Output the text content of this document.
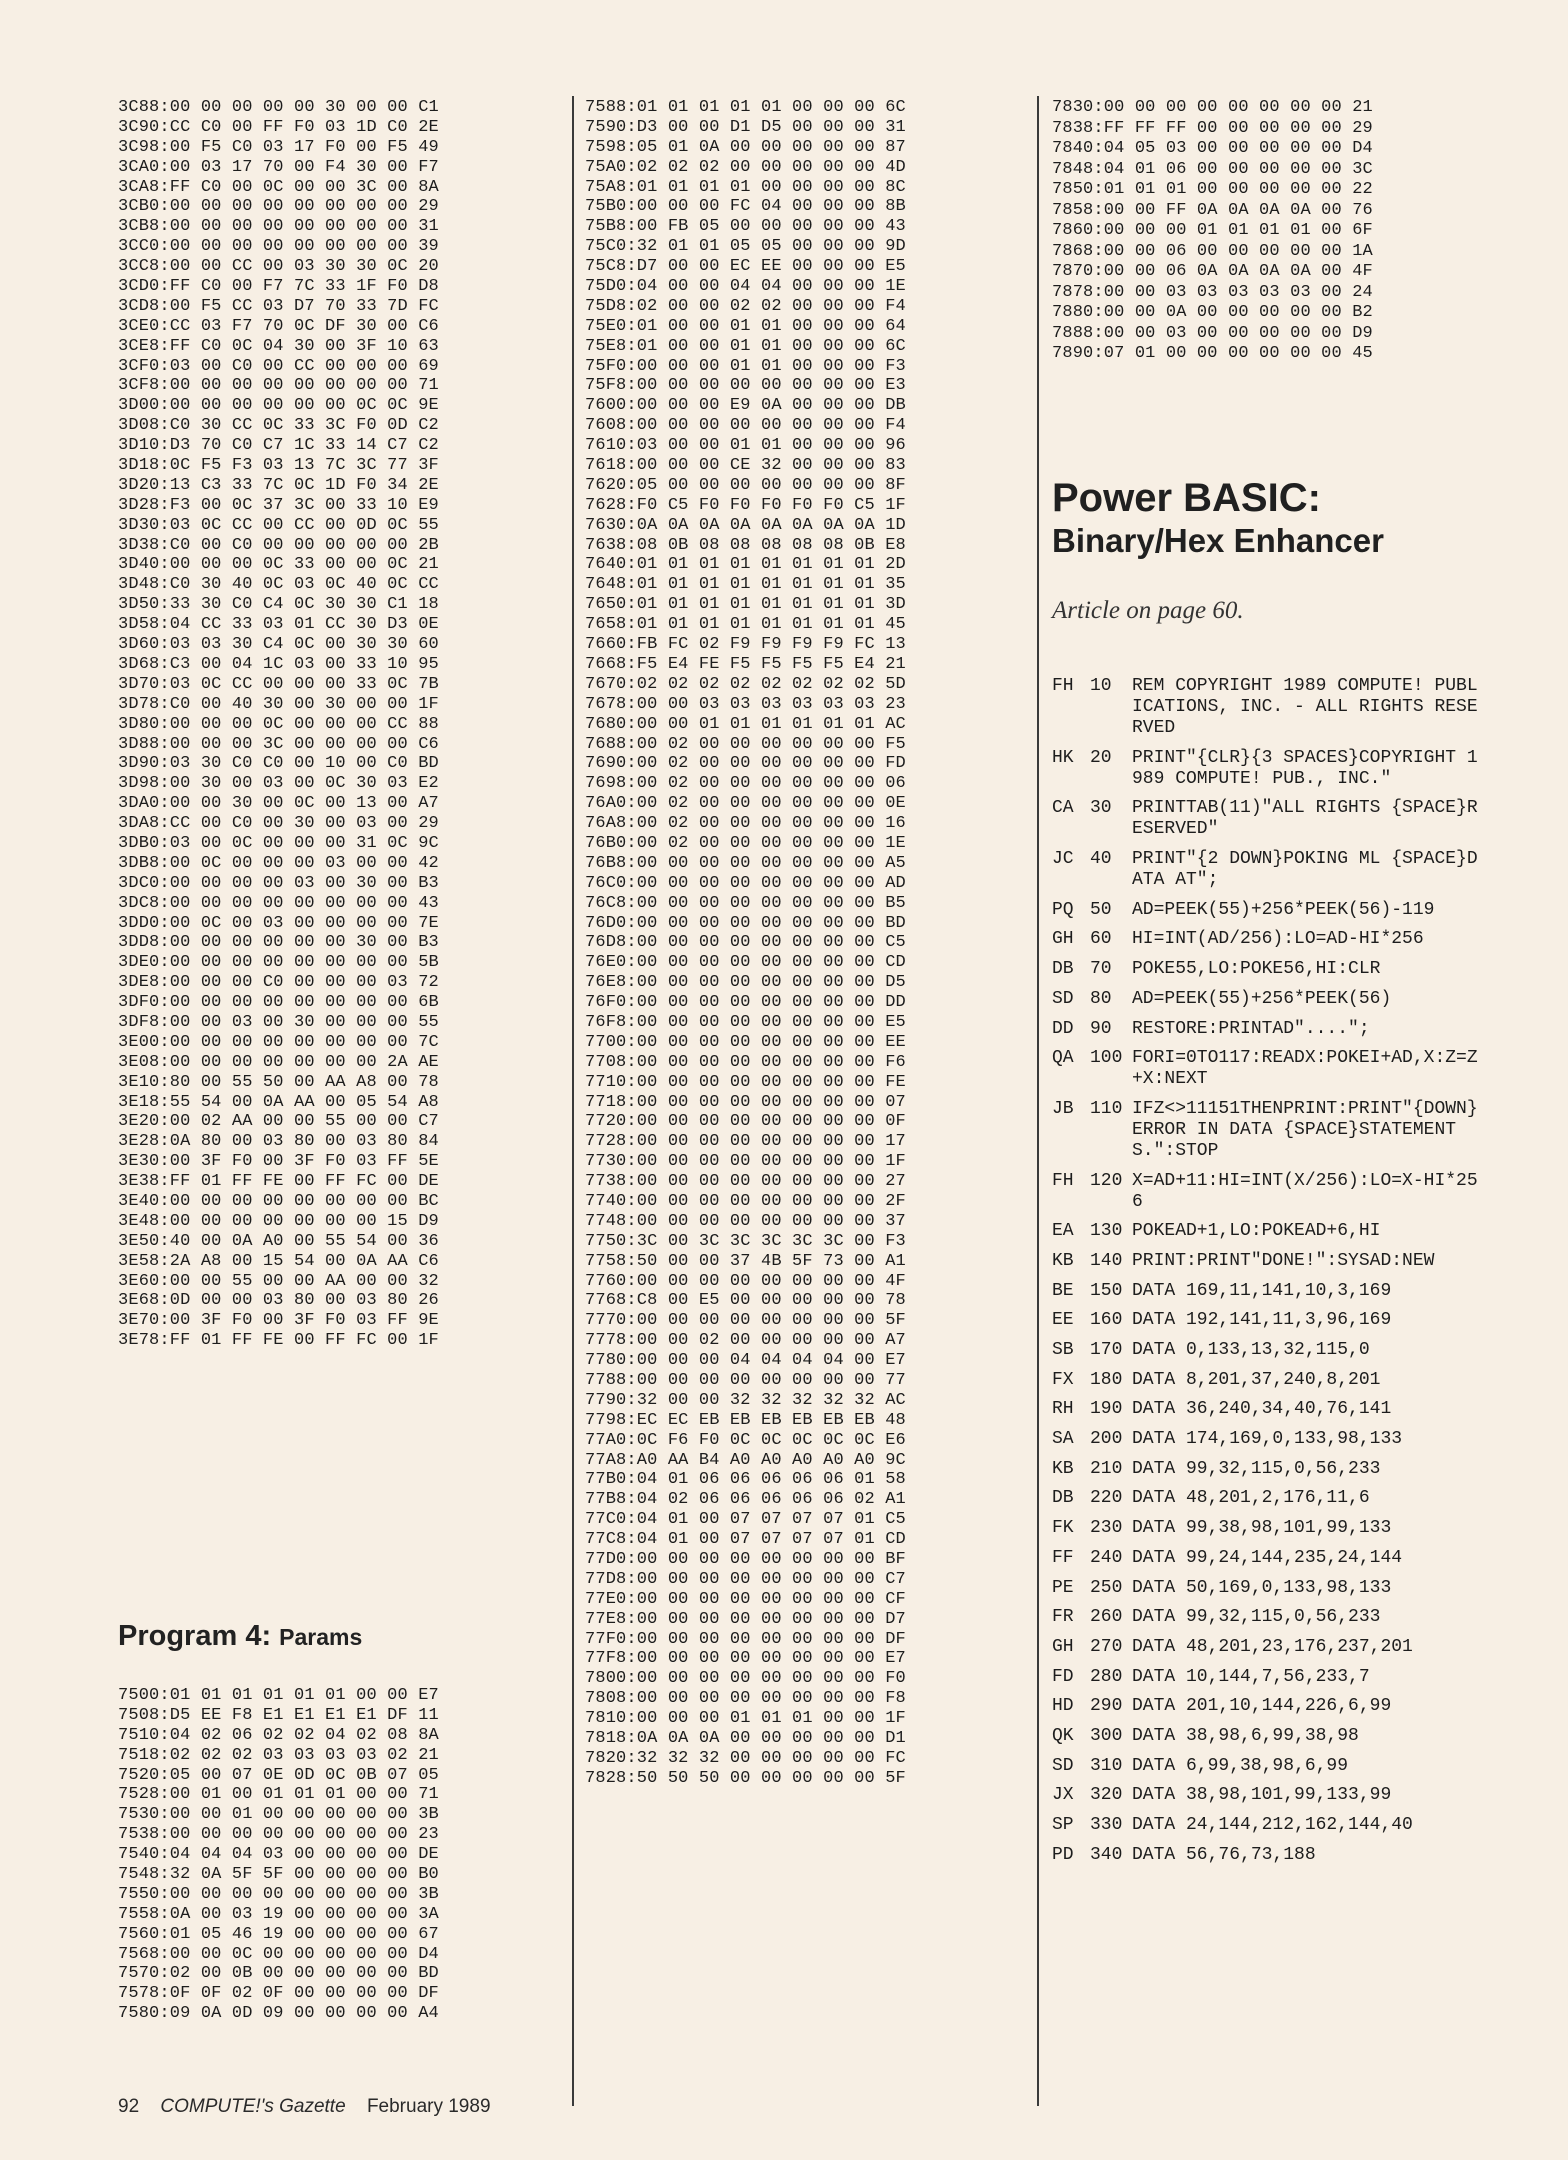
3C88:00 00 00 00 00 30 00 00 C1
3C90:CC C0 00 FF F0 03 1D C0 2E
3C98:00 F5 C0 03 17 F0 00 F5 49
3CA0:00 03 17 70 00 F4 30 00 F7
3CA8:FF C0 00 0C 00 00 3C 00 8A
3CB0:00 00 00 00 00 00 00 00 29
3CB8:00 00 00 00 00 00 00 00 31
3CC0:00 00 00 00 00 00 00 00 39
3CC8:00 00 CC 00 03 30 30 0C 20
3CD0:FF C0 00 F7 7C 33 1F F0 D8
3CD8:00 F5 CC 03 D7 70 33 7D FC
3CE0:CC 03 F7 70 0C DF 30 00 C6
3CE8:FF C0 0C 04 30 00 3F 10 63
3CF0:03 00 C0 00 CC 00 00 00 69
3CF8:00 00 00 00 00 00 00 00 71
3D00:00 00 00 00 00 00 0C 0C 9E
3D08:C0 30 CC 0C 33 3C F0 0D C2
3D10:D3 70 C0 C7 1C 33 14 C7 C2
3D18:0C F5 F3 03 13 7C 3C 77 3F
3D20:13 C3 33 7C 0C 1D F0 34 2E
3D28:F3 00 0C 37 3C 00 33 10 E9
3D30:03 0C CC 00 CC 00 0D 0C 55
3D38:C0 00 C0 00 00 00 00 00 2B
3D40:00 00 00 0C 33 00 00 0C 21
3D48:C0 30 40 0C 03 0C 40 0C CC
3D50:33 30 C0 C4 0C 30 30 C1 18
3D58:04 CC 33 03 01 CC 30 D3 0E
3D60:03 03 30 C4 0C 00 30 30 60
3D68:C3 00 04 1C 03 00 33 10 95
3D70:03 0C CC 00 00 00 33 0C 7B
3D78:C0 00 40 30 00 30 00 00 1F
3D80:00 00 00 0C 00 00 00 CC 88
3D88:00 00 00 3C 00 00 00 00 C6
3D90:03 30 C0 C0 00 10 00 C0 BD
3D98:00 30 00 03 00 0C 30 03 E2
3DA0:00 00 30 00 0C 00 13 00 A7
3DA8:CC 00 C0 00 30 00 03 00 29
3DB0:03 00 0C 00 00 00 31 0C 9C
3DB8:00 0C 00 00 00 03 00 00 42
3DC0:00 00 00 00 03 00 30 00 B3
3DC8:00 00 00 00 00 00 00 00 43
3DD0:00 0C 00 03 00 00 00 00 7E
3DD8:00 00 00 00 00 00 30 00 B3
3DE0:00 00 00 00 00 00 00 00 5B
3DE8:00 00 00 C0 00 00 00 03 72
3DF0:00 00 00 00 00 00 00 00 6B
3DF8:00 00 03 00 30 00 00 00 55
3E00:00 00 00 00 00 00 00 00 7C
3E08:00 00 00 00 00 00 00 2A AE
3E10:80 00 55 50 00 AA A8 00 78
3E18:55 54 00 0A AA 00 05 54 A8
3E20:00 02 AA 00 00 55 00 00 C7
3E28:0A 80 00 03 80 00 03 80 84
3E30:00 3F F0 00 3F F0 03 FF 5E
3E38:FF 01 FF FE 00 FF FC 00 DE
3E40:00 00 00 00 00 00 00 00 BC
3E48:00 00 00 00 00 00 00 15 D9
3E50:40 00 0A A0 00 55 54 00 36
3E58:2A A8 00 15 54 00 0A AA C6
3E60:00 00 55 00 00 AA 00 00 32
3E68:0D 00 00 03 80 00 03 80 26
3E70:00 3F F0 00 3F F0 03 FF 9E
3E78:FF 01 FF FE 00 FF FC 00 1F
Program 4: Params
7500:01 01 01 01 01 01 00 00 E7
7508:D5 EE F8 E1 E1 E1 E1 DF 11
7510:04 02 06 02 02 04 02 08 8A
7518:02 02 02 03 03 03 03 02 21
7520:05 00 07 0E 0D 0C 0B 07 05
7528:00 01 00 01 01 01 00 00 71
7530:00 00 01 00 00 00 00 00 3B
7538:00 00 00 00 00 00 00 00 23
7540:04 04 04 03 00 00 00 00 DE
7548:32 0A 5F 5F 00 00 00 00 B0
7550:00 00 00 00 00 00 00 00 3B
7558:0A 00 03 19 00 00 00 00 3A
7560:01 05 46 19 00 00 00 00 67
7568:00 00 0C 00 00 00 00 00 D4
7570:02 00 0B 00 00 00 00 00 BD
7578:0F 0F 02 0F 00 00 00 00 DF
7580:09 0A 0D 09 00 00 00 00 A4
7588:01 01 01 01 01 00 00 00 6C
7590:D3 00 00 D1 D5 00 00 00 31
7598:05 01 0A 00 00 00 00 00 87
75A0:02 02 02 00 00 00 00 00 4D
75A8:01 01 01 01 00 00 00 00 8C
75B0:00 00 00 FC 04 00 00 00 8B
75B8:00 FB 05 00 00 00 00 00 43
75C0:32 01 01 05 05 00 00 00 9D
75C8:D7 00 00 EC EE 00 00 00 E5
75D0:04 00 00 04 04 00 00 00 1E
75D8:02 00 00 02 02 00 00 00 F4
75E0:01 00 00 01 01 00 00 00 64
75E8:01 00 00 01 01 00 00 00 6C
75F0:00 00 00 01 01 00 00 00 F3
75F8:00 00 00 00 00 00 00 00 E3
7600:00 00 00 E9 0A 00 00 00 DB
7608:00 00 00 00 00 00 00 00 F4
7610:03 00 00 01 01 00 00 00 96
7618:00 00 00 CE 32 00 00 00 83
7620:05 00 00 00 00 00 00 00 8F
7628:F0 C5 F0 F0 F0 F0 F0 C5 1F
7630:0A 0A 0A 0A 0A 0A 0A 0A 1D
7638:08 0B 08 08 08 08 08 0B E8
7640:01 01 01 01 01 01 01 01 2D
7648:01 01 01 01 01 01 01 01 35
7650:01 01 01 01 01 01 01 01 3D
7658:01 01 01 01 01 01 01 01 45
7660:FB FC 02 F9 F9 F9 F9 FC 13
7668:F5 E4 FE F5 F5 F5 F5 E4 21
7670:02 02 02 02 02 02 02 02 5D
7678:00 00 03 03 03 03 03 03 23
7680:00 00 01 01 01 01 01 01 AC
7688:00 02 00 00 00 00 00 00 F5
7690:00 02 00 00 00 00 00 00 FD
7698:00 02 00 00 00 00 00 00 06
76A0:00 02 00 00 00 00 00 00 0E
76A8:00 02 00 00 00 00 00 00 16
76B0:00 02 00 00 00 00 00 00 1E
76B8:00 00 00 00 00 00 00 00 A5
76C0:00 00 00 00 00 00 00 00 AD
76C8:00 00 00 00 00 00 00 00 B5
76D0:00 00 00 00 00 00 00 00 BD
76D8:00 00 00 00 00 00 00 00 C5
76E0:00 00 00 00 00 00 00 00 CD
76E8:00 00 00 00 00 00 00 00 D5
76F0:00 00 00 00 00 00 00 00 DD
76F8:00 00 00 00 00 00 00 00 E5
7700:00 00 00 00 00 00 00 00 EE
7708:00 00 00 00 00 00 00 00 F6
7710:00 00 00 00 00 00 00 00 FE
7718:00 00 00 00 00 00 00 00 07
7720:00 00 00 00 00 00 00 00 0F
7728:00 00 00 00 00 00 00 00 17
7730:00 00 00 00 00 00 00 00 1F
7738:00 00 00 00 00 00 00 00 27
7740:00 00 00 00 00 00 00 00 2F
7748:00 00 00 00 00 00 00 00 37
7750:3C 00 3C 3C 3C 3C 3C 00 F3
7758:50 00 00 37 4B 5F 73 00 A1
7760:00 00 00 00 00 00 00 00 4F
7768:C8 00 E5 00 00 00 00 00 78
7770:00 00 00 00 00 00 00 00 5F
7778:00 00 02 00 00 00 00 00 A7
7780:00 00 00 04 04 04 04 00 E7
7788:00 00 00 00 00 00 00 00 77
7790:32 00 00 32 32 32 32 32 AC
7798:EC EC EB EB EB EB EB EB 48
77A0:0C F6 F0 0C 0C 0C 0C 0C E6
77A8:A0 AA B4 A0 A0 A0 A0 A0 9C
77B0:04 01 06 06 06 06 06 01 58
77B8:04 02 06 06 06 06 06 02 A1
77C0:04 01 00 07 07 07 07 01 C5
77C8:04 01 00 07 07 07 07 01 CD
77D0:00 00 00 00 00 00 00 00 BF
77D8:00 00 00 00 00 00 00 00 C7
77E0:00 00 00 00 00 00 00 00 CF
77E8:00 00 00 00 00 00 00 00 D7
77F0:00 00 00 00 00 00 00 00 DF
77F8:00 00 00 00 00 00 00 00 E7
7800:00 00 00 00 00 00 00 00 F0
7808:00 00 00 00 00 00 00 00 F8
7810:00 00 00 01 01 01 00 00 1F
7818:0A 0A 0A 00 00 00 00 00 D1
7820:32 32 32 00 00 00 00 00 FC
7828:50 50 50 00 00 00 00 00 5F
7830:00 00 00 00 00 00 00 00 21
7838:FF FF FF 00 00 00 00 00 29
7840:04 05 03 00 00 00 00 00 D4
7848:04 01 06 00 00 00 00 00 3C
7850:01 01 01 00 00 00 00 00 22
7858:00 00 FF 0A 0A 0A 0A 00 76
7860:00 00 00 01 01 01 01 00 6F
7868:00 00 06 00 00 00 00 00 1A
7870:00 00 06 0A 0A 0A 0A 00 4F
7878:00 00 03 03 03 03 03 00 24
7880:00 00 0A 00 00 00 00 00 B2
7888:00 00 03 00 00 00 00 00 D9
7890:07 01 00 00 00 00 00 00 45
Power BASIC:
Binary/Hex Enhancer
Article on page 60.
FH 10	REM COPYRIGHT 1989 COMPUTE! PUBLICATIONS, INC. - ALL RIGHTS RESERVED
HK 20	PRINT"{CLR}{3 SPACES}COPYRIGHT 1989 COMPUTE! PUB., INC."
CA 30	PRINTTAB(11)"ALL RIGHTS {SPACE}RESERVED"
JC 40	PRINT"{2 DOWN}POKING ML {SPACE}DATA AT";
PQ 50	AD=PEEK(55)+256*PEEK(56)-119
GH 60	HI=INT(AD/256):LO=AD-HI*256
DB 70	POKE55,LO:POKE56,HI:CLR
SD 80	AD=PEEK(55)+256*PEEK(56)
DD 90	RESTORE:PRINTAD"....";
QA 100 FORI=0TO117:READX:POKEI+AD,X:Z=Z+X:NEXT
JB 110 IFZ<>11151THENPRINT:PRINT"{DOWN}ERROR IN DATA {SPACE}STATEMENTS.":STOP
FH 120 X=AD+11:HI=INT(X/256):LO=X-HI*256
EA 130 POKEAD+1,LO:POKEAD+6,HI
KB 140 PRINT:PRINT"DONE!":SYSAD:NEW
BE 150 DATA 169,11,141,10,3,169
EE 160 DATA 192,141,11,3,96,169
SB 170 DATA 0,133,13,32,115,0
FX 180 DATA 8,201,37,240,8,201
RH 190 DATA 36,240,34,40,76,141
SA 200 DATA 174,169,0,133,98,133
KB 210 DATA 99,32,115,0,56,233
DB 220 DATA 48,201,2,176,11,6
FK 230 DATA 99,38,98,101,99,133
FF 240 DATA 99,24,144,235,24,144
PE 250 DATA 50,169,0,133,98,133
FR 260 DATA 99,32,115,0,56,233
GH 270 DATA 48,201,23,176,237,201
FD 280 DATA 10,144,7,56,233,7
HD 290 DATA 201,10,144,226,6,99
QK 300 DATA 38,98,6,99,38,98
SD 310 DATA 6,99,38,98,6,99
JX 320 DATA 38,98,101,99,133,99
SP 330 DATA 24,144,212,162,144,40
PD 340 DATA 56,76,73,188
92 COMPUTE!'s Gazette February 1989
